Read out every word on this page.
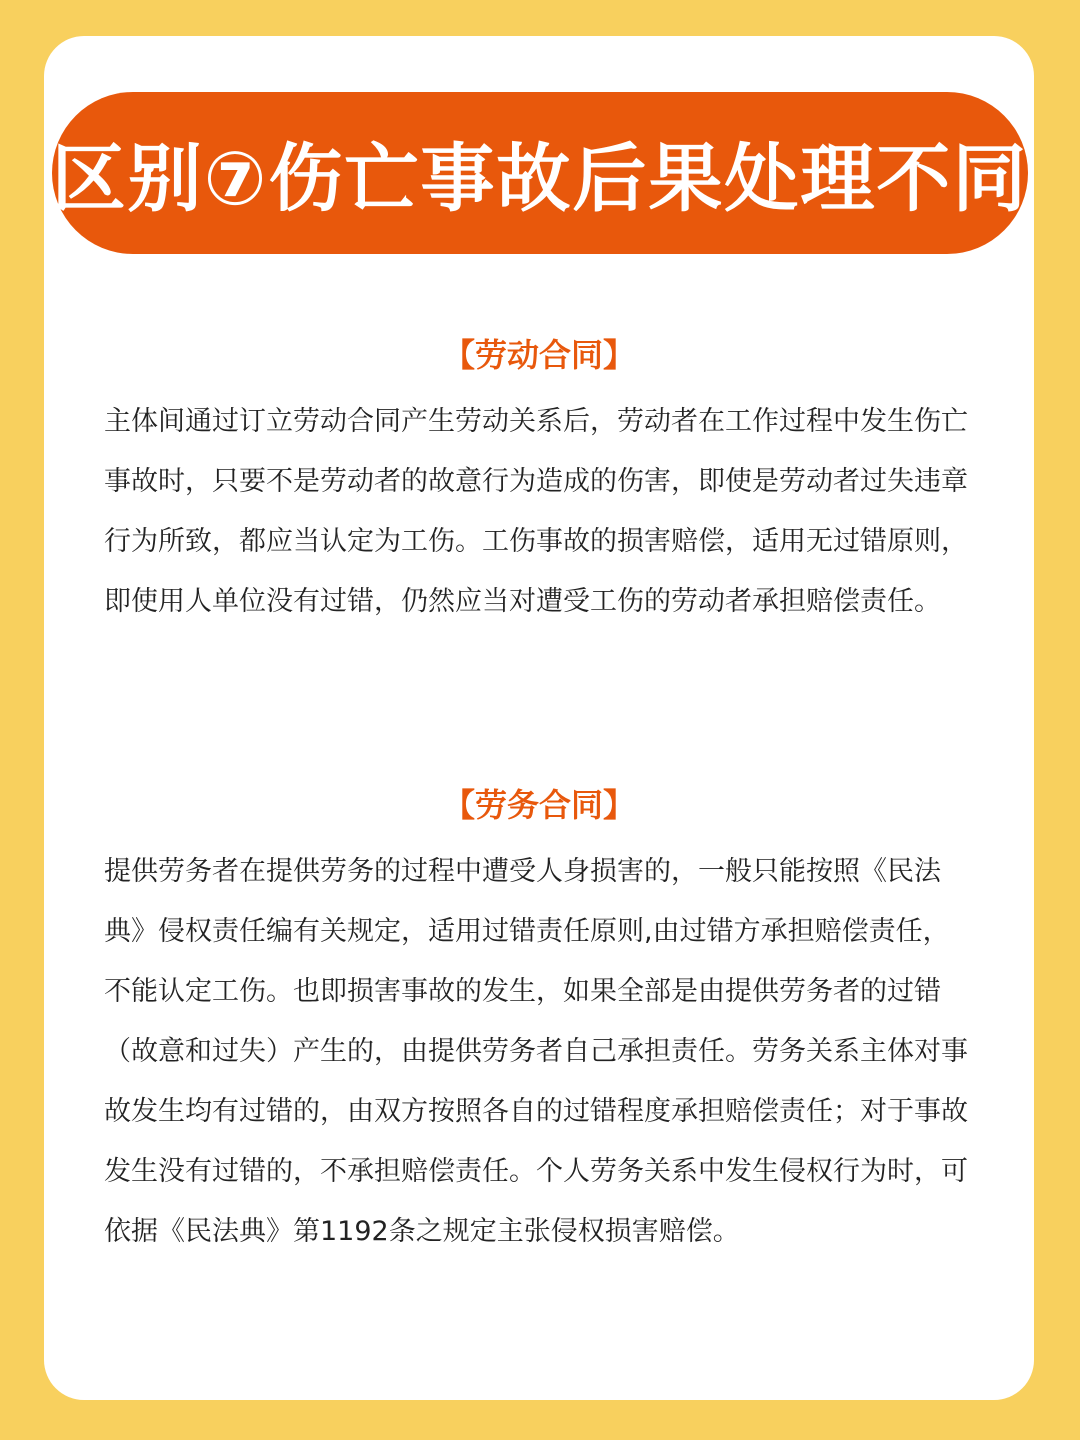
区别⑦伤亡事故后果处理不同
【劳动合同】
主体间通过订立劳动合同产生劳动关系后，劳动者在工作过程中发生伤亡事故时，只要不是劳动者的故意行为造成的伤害，即使是劳动者过失违章行为所致，都应当认定为工伤。工伤事故的损害赔偿，适用无过错原则，即使用人单位没有过错，仍然应当对遭受工伤的劳动者承担赔偿责任。
【劳务合同】
提供劳务者在提供劳务的过程中遭受人身损害的，一般只能按照《民法典》侵权责任编有关规定，适用过错责任原则,由过错方承担赔偿责任，不能认定工伤。也即损害事故的发生，如果全部是由提供劳务者的过错（故意和过失）产生的，由提供劳务者自己承担责任。劳务关系主体对事故发生均有过错的，由双方按照各自的过错程度承担赔偿责任；对于事故发生没有过错的，不承担赔偿责任。个人劳务关系中发生侵权行为时，可依据《民法典》第1192条之规定主张侵权损害赔偿。
